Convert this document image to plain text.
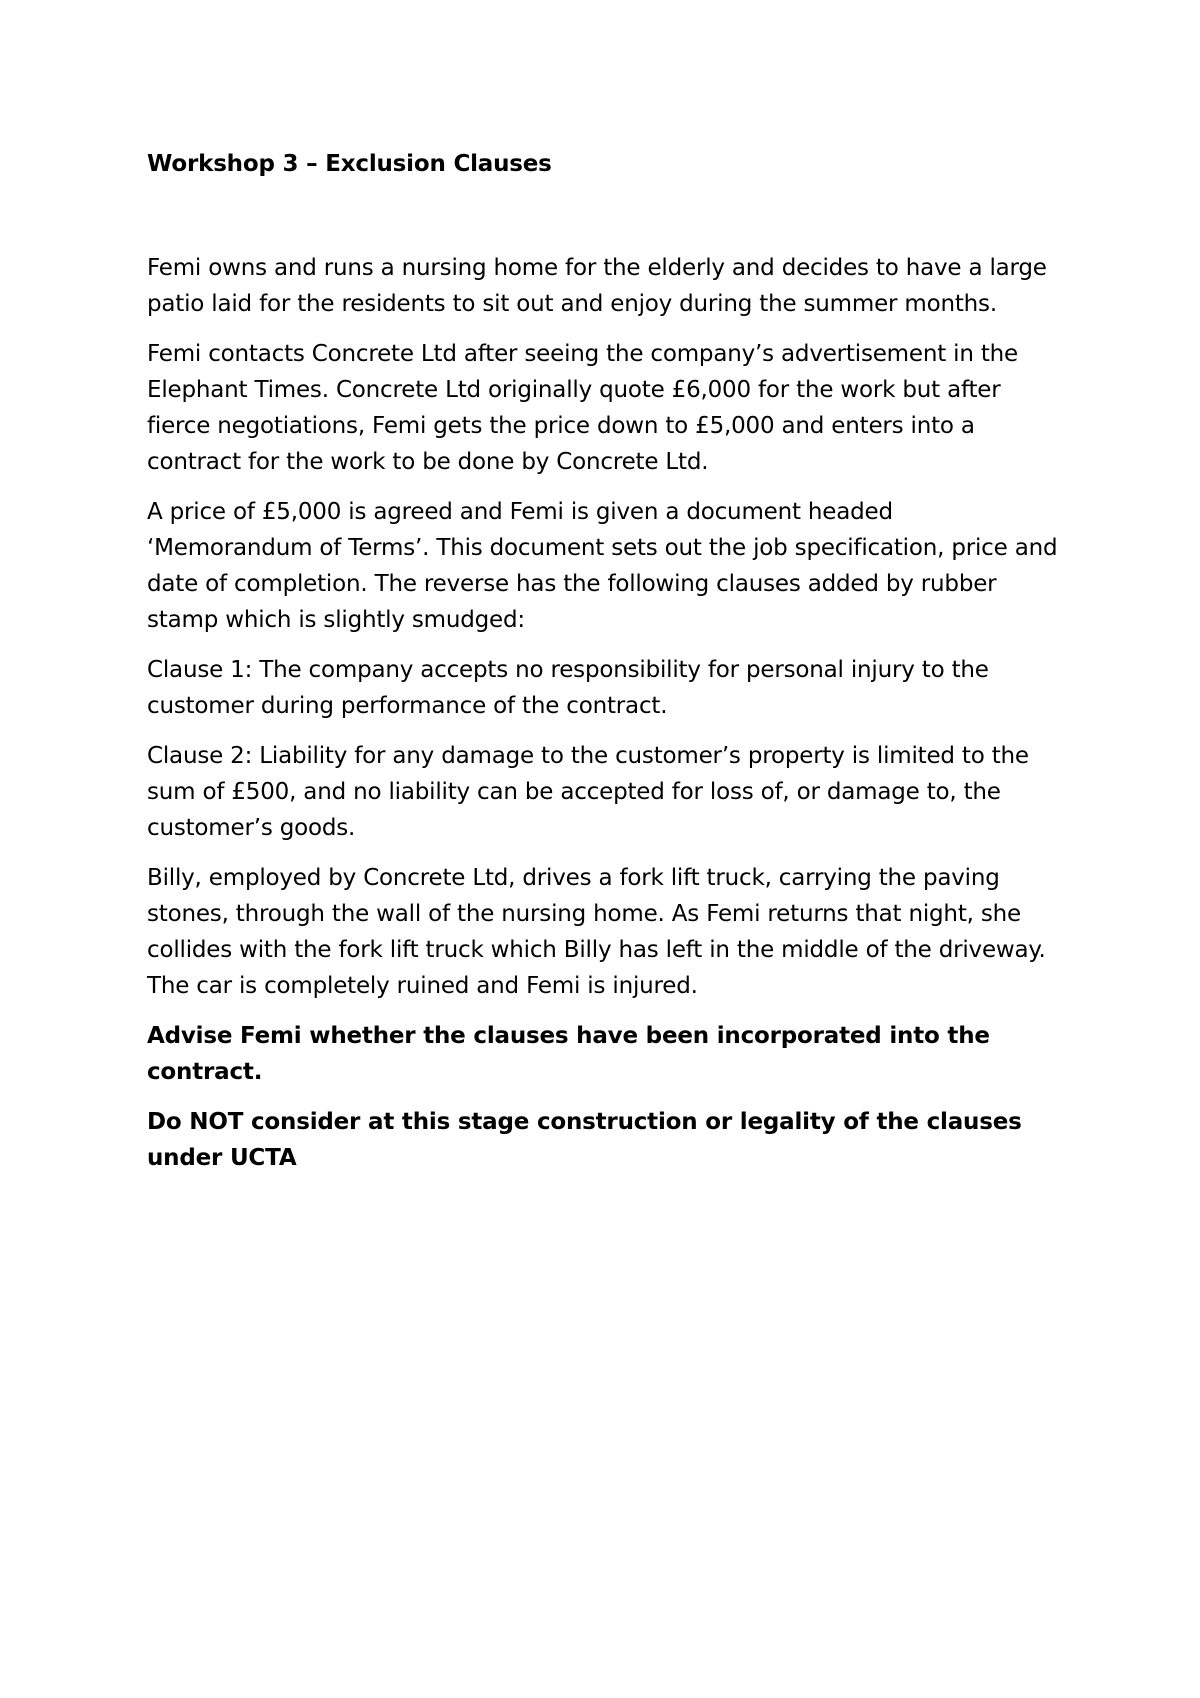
Workshop 3 – Exclusion Clauses

Femi owns and runs a nursing home for the elderly and decides to have a large patio laid for the residents to sit out and enjoy during the summer months.

Femi contacts Concrete Ltd after seeing the company’s advertisement in the Elephant Times. Concrete Ltd originally quote £6,000 for the work but after fierce negotiations, Femi gets the price down to £5,000 and enters into a contract for the work to be done by Concrete Ltd.

A price of £5,000 is agreed and Femi is given a document headed ‘Memorandum of Terms’. This document sets out the job specification, price and date of completion. The reverse has the following clauses added by rubber stamp which is slightly smudged:

Clause 1: The company accepts no responsibility for personal injury to the customer during performance of the contract.

Clause 2: Liability for any damage to the customer’s property is limited to the sum of £500, and no liability can be accepted for loss of, or damage to, the customer’s goods.

Billy, employed by Concrete Ltd, drives a fork lift truck, carrying the paving stones, through the wall of the nursing home. As Femi returns that night, she collides with the fork lift truck which Billy has left in the middle of the driveway. The car is completely ruined and Femi is injured.

Advise Femi whether the clauses have been incorporated into the contract.

Do NOT consider at this stage construction or legality of the clauses under UCTA
